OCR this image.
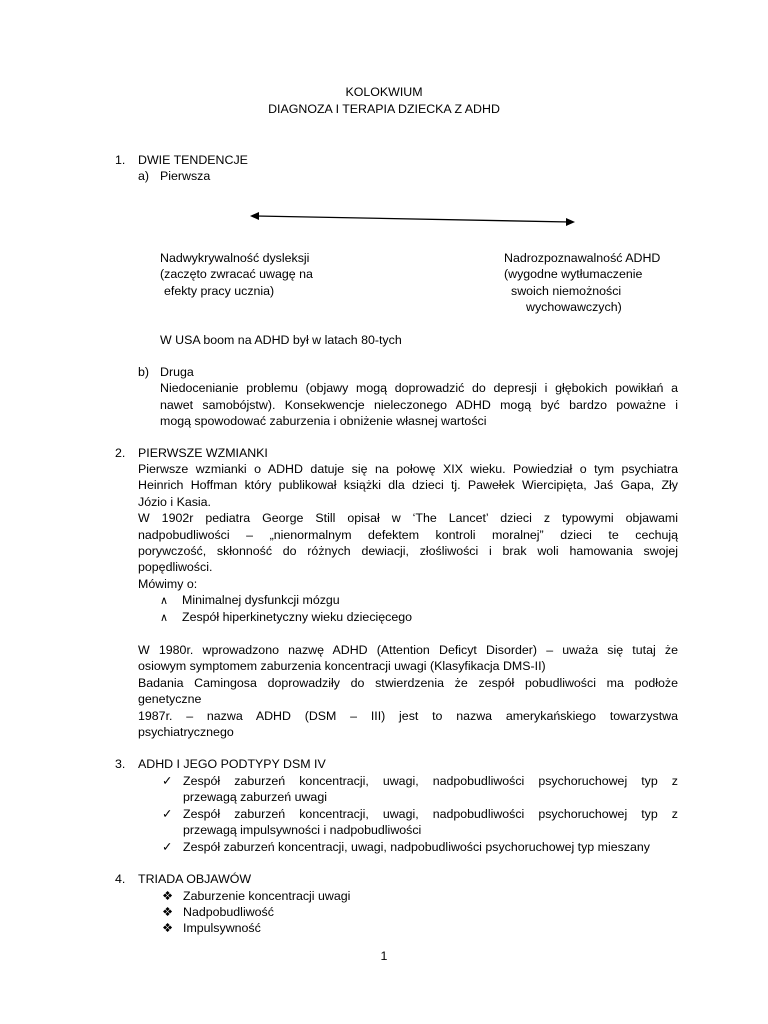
KOLOKWIUM
DIAGNOZA I TERAPIA DZIECKA Z ADHD
1. DWIE TENDENCJE
a) Pierwsza
Nadwykrywalność dysleksji
(zaczęto zwracać uwagę na
efekty pracy ucznia)
Nadrozpoznawalność ADHD
(wygodne wytłumaczenie
swoich niemożności
wychowawczych)
W USA boom na ADHD był w latach 80-tych
b) Druga
Niedocenianie problemu (objawy mogą doprowadzić do depresji i głębokich powikłań a
nawet samobójstw). Konsekwencje nieleczonego ADHD mogą być bardzo poważne i
mogą spowodować zaburzenia i obniżenie własnej wartości
2. PIERWSZE WZMIANKI
Pierwsze wzmianki o ADHD datuje się na połowę XIX wieku. Powiedział o tym psychiatra
Heinrich Hoffman który publikował książki dla dzieci tj. Pawełek Wiercipięta, Jaś Gapa, Zły
Józio i Kasia.
W 1902r pediatra George Still opisał w ‘The Lancet’ dzieci z typowymi objawami
nadpobudliwości – „nienormalnym defektem kontroli moralnej” dzieci te cechują
porywczość, skłonność do różnych dewiacji, złośliwości i brak woli hamowania swojej
popędliwości.
Mówimy o:
∧ Minimalnej dysfunkcji mózgu
∧ Zespół hiperkinetyczny wieku dziecięcego
W 1980r. wprowadzono nazwę ADHD (Attention Deficyt Disorder) – uważa się tutaj że
osiowym symptomem zaburzenia koncentracji uwagi (Klasyfikacja DMS-II)
Badania Camingosa doprowadziły do stwierdzenia że zespół pobudliwości ma podłoże
genetyczne
1987r. – nazwa ADHD (DSM – III) jest to nazwa amerykańskiego towarzystwa
psychiatrycznego
3. ADHD I JEGO PODTYPY DSM IV
✓ Zespół zaburzeń koncentracji, uwagi, nadpobudliwości psychoruchowej typ z
przewagą zaburzeń uwagi
✓ Zespół zaburzeń koncentracji, uwagi, nadpobudliwości psychoruchowej typ z
przewagą impulsywności i nadpobudliwości
✓ Zespół zaburzeń koncentracji, uwagi, nadpobudliwości psychoruchowej typ mieszany
4. TRIADA OBJAWÓW
❖ Zaburzenie koncentracji uwagi
❖ Nadpobudliwość
❖ Impulsywność
1
